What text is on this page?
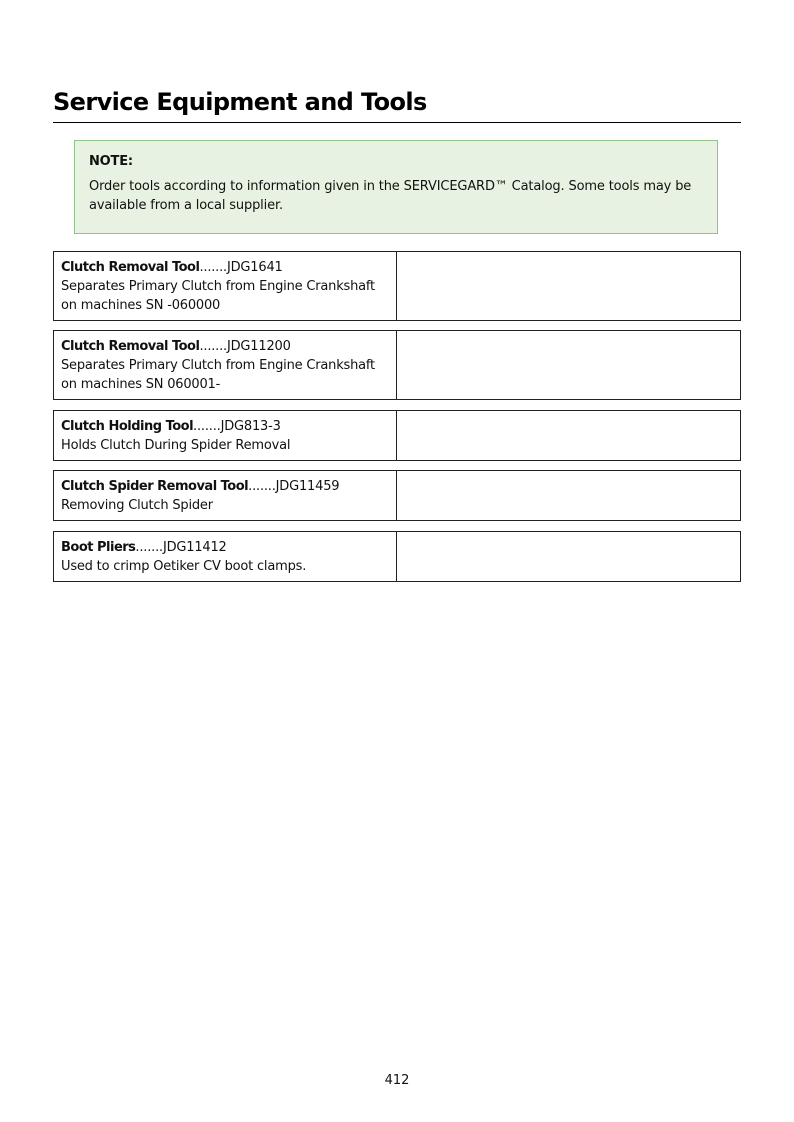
Service Equipment and Tools
NOTE:
Order tools according to information given in the SERVICEGARD™ Catalog. Some tools may be available from a local supplier.
Clutch Removal Tool.......JDG1641
Separates Primary Clutch from Engine Crankshaft
on machines SN -060000
Clutch Removal Tool.......JDG11200
Separates Primary Clutch from Engine Crankshaft
on machines SN 060001-
Clutch Holding Tool.......JDG813-3
Holds Clutch During Spider Removal
Clutch Spider Removal Tool.......JDG11459
Removing Clutch Spider
Boot Pliers.......JDG11412
Used to crimp Oetiker CV boot clamps.
412
